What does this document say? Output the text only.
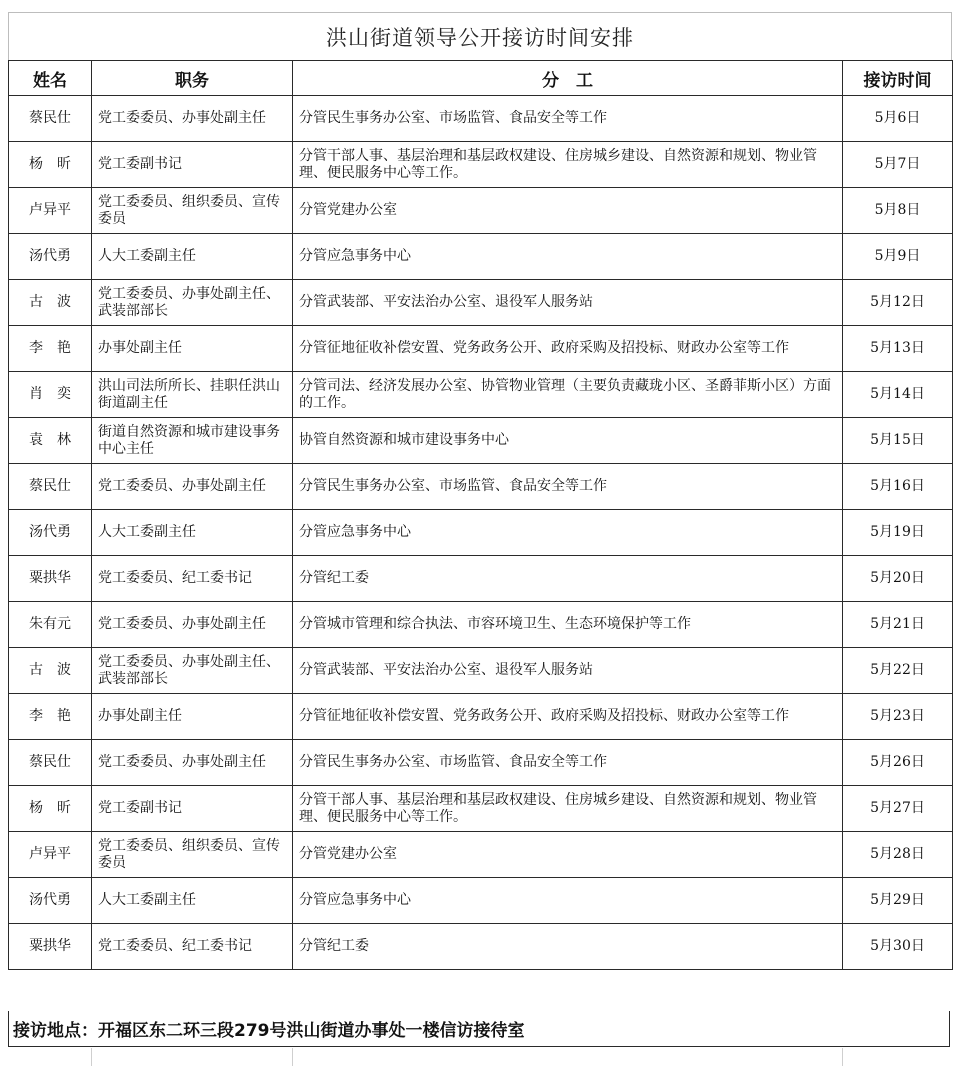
洪山街道领导公开接访时间安排
姓名	职务	分　工	接访时间
蔡民仕	党工委委员、办事处副主任	分管民生事务办公室、市场监管、食品安全等工作	5月6日
杨　昕	党工委副书记	分管干部人事、基层治理和基层政权建设、住房城乡建设、自然资源和规划、物业管理、便民服务中心等工作。	5月7日
卢异平	党工委委员、组织委员、宣传委员	分管党建办公室	5月8日
汤代勇	人大工委副主任	分管应急事务中心	5月9日
古　波	党工委委员、办事处副主任、武装部部长	分管武装部、平安法治办公室、退役军人服务站	5月12日
李　艳	办事处副主任	分管征地征收补偿安置、党务政务公开、政府采购及招投标、财政办公室等工作	5月13日
肖　奕	洪山司法所所长、挂职任洪山街道副主任	分管司法、经济发展办公室、协管物业管理（主要负责藏珑小区、圣爵菲斯小区）方面的工作。	5月14日
袁　林	街道自然资源和城市建设事务中心主任	协管自然资源和城市建设事务中心	5月15日
蔡民仕	党工委委员、办事处副主任	分管民生事务办公室、市场监管、食品安全等工作	5月16日
汤代勇	人大工委副主任	分管应急事务中心	5月19日
粟拱华	党工委委员、纪工委书记	分管纪工委	5月20日
朱有元	党工委委员、办事处副主任	分管城市管理和综合执法、市容环境卫生、生态环境保护等工作	5月21日
古　波	党工委委员、办事处副主任、武装部部长	分管武装部、平安法治办公室、退役军人服务站	5月22日
李　艳	办事处副主任	分管征地征收补偿安置、党务政务公开、政府采购及招投标、财政办公室等工作	5月23日
蔡民仕	党工委委员、办事处副主任	分管民生事务办公室、市场监管、食品安全等工作	5月26日
杨　昕	党工委副书记	分管干部人事、基层治理和基层政权建设、住房城乡建设、自然资源和规划、物业管理、便民服务中心等工作。	5月27日
卢异平	党工委委员、组织委员、宣传委员	分管党建办公室	5月28日
汤代勇	人大工委副主任	分管应急事务中心	5月29日
粟拱华	党工委委员、纪工委书记	分管纪工委	5月30日
接访地点：开福区东二环三段279号洪山街道办事处一楼信访接待室
